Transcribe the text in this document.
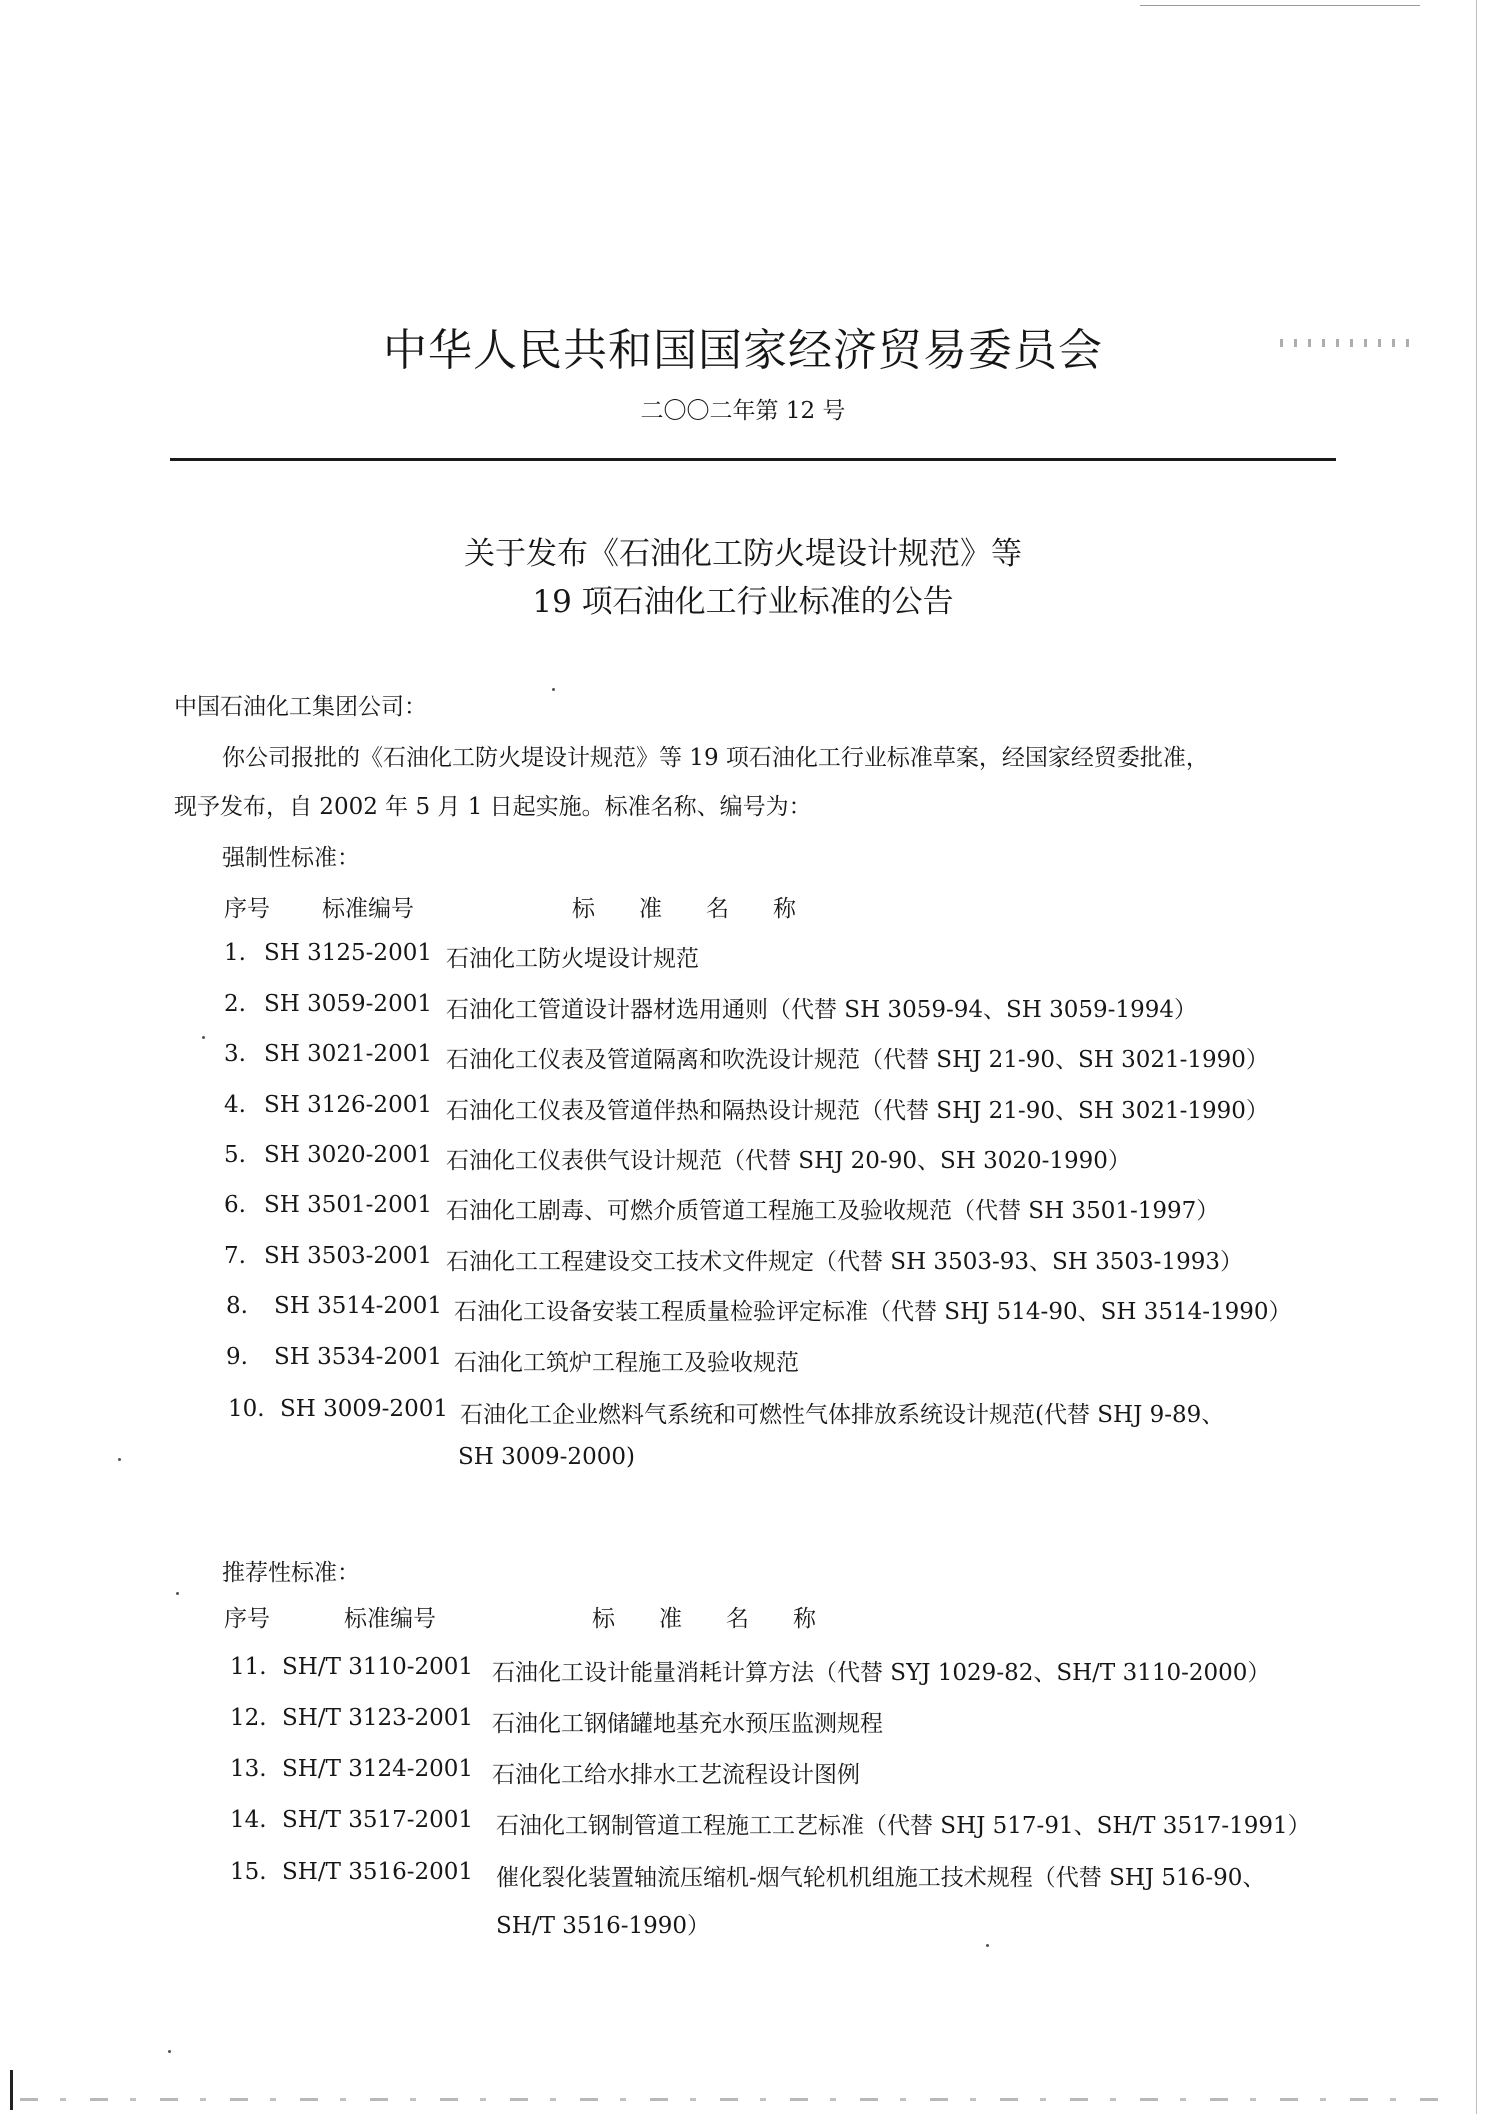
中华人民共和国国家经济贸易委员会
二〇〇二年第 12 号
关于发布《石油化工防火堤设计规范》等
19 项石油化工行业标准的公告
中国石油化工集团公司：
你公司报批的《石油化工防火堤设计规范》等 19 项石油化工行业标准草案，经国家经贸委批准，
现予发布，自 2002 年 5 月 1 日起实施。标准名称、编号为：
强制性标准：
序号 标准编号	标准名称
1. SH 3125-2001 石油化工防火堤设计规范
2. SH 3059-2001 石油化工管道设计器材选用通则（代替 SH 3059-94、SH 3059-1994）
3. SH 3021-2001 石油化工仪表及管道隔离和吹洗设计规范（代替 SHJ 21-90、SH 3021-1990）
4. SH 3126-2001 石油化工仪表及管道伴热和隔热设计规范（代替 SHJ 21-90、SH 3021-1990）
5. SH 3020-2001 石油化工仪表供气设计规范（代替 SHJ 20-90、SH 3020-1990）
6. SH 3501-2001 石油化工剧毒、可燃介质管道工程施工及验收规范（代替 SH 3501-1997）
7. SH 3503-2001 石油化工工程建设交工技术文件规定（代替 SH 3503-93、SH 3503-1993）
8. SH 3514-2001 石油化工设备安装工程质量检验评定标准（代替 SHJ 514-90、SH 3514-1990）
9. SH 3534-2001 石油化工筑炉工程施工及验收规范
10. SH 3009-2001 石油化工企业燃料气系统和可燃性气体排放系统设计规范(代替 SHJ 9-89、
SH 3009-2000)
推荐性标准：
序号	标准编号	标准名称
11. SH/T 3110-2001 石油化工设计能量消耗计算方法（代替 SYJ 1029-82、SH/T 3110-2000）
12. SH/T 3123-2001 石油化工钢储罐地基充水预压监测规程
13. SH/T 3124-2001 石油化工给水排水工艺流程设计图例
14. SH/T 3517-2001 石油化工钢制管道工程施工工艺标准（代替 SHJ 517-91、SH/T 3517-1991）
15. SH/T 3516-2001 催化裂化装置轴流压缩机-烟气轮机机组施工技术规程（代替 SHJ 516-90、
SH/T 3516-1990）
